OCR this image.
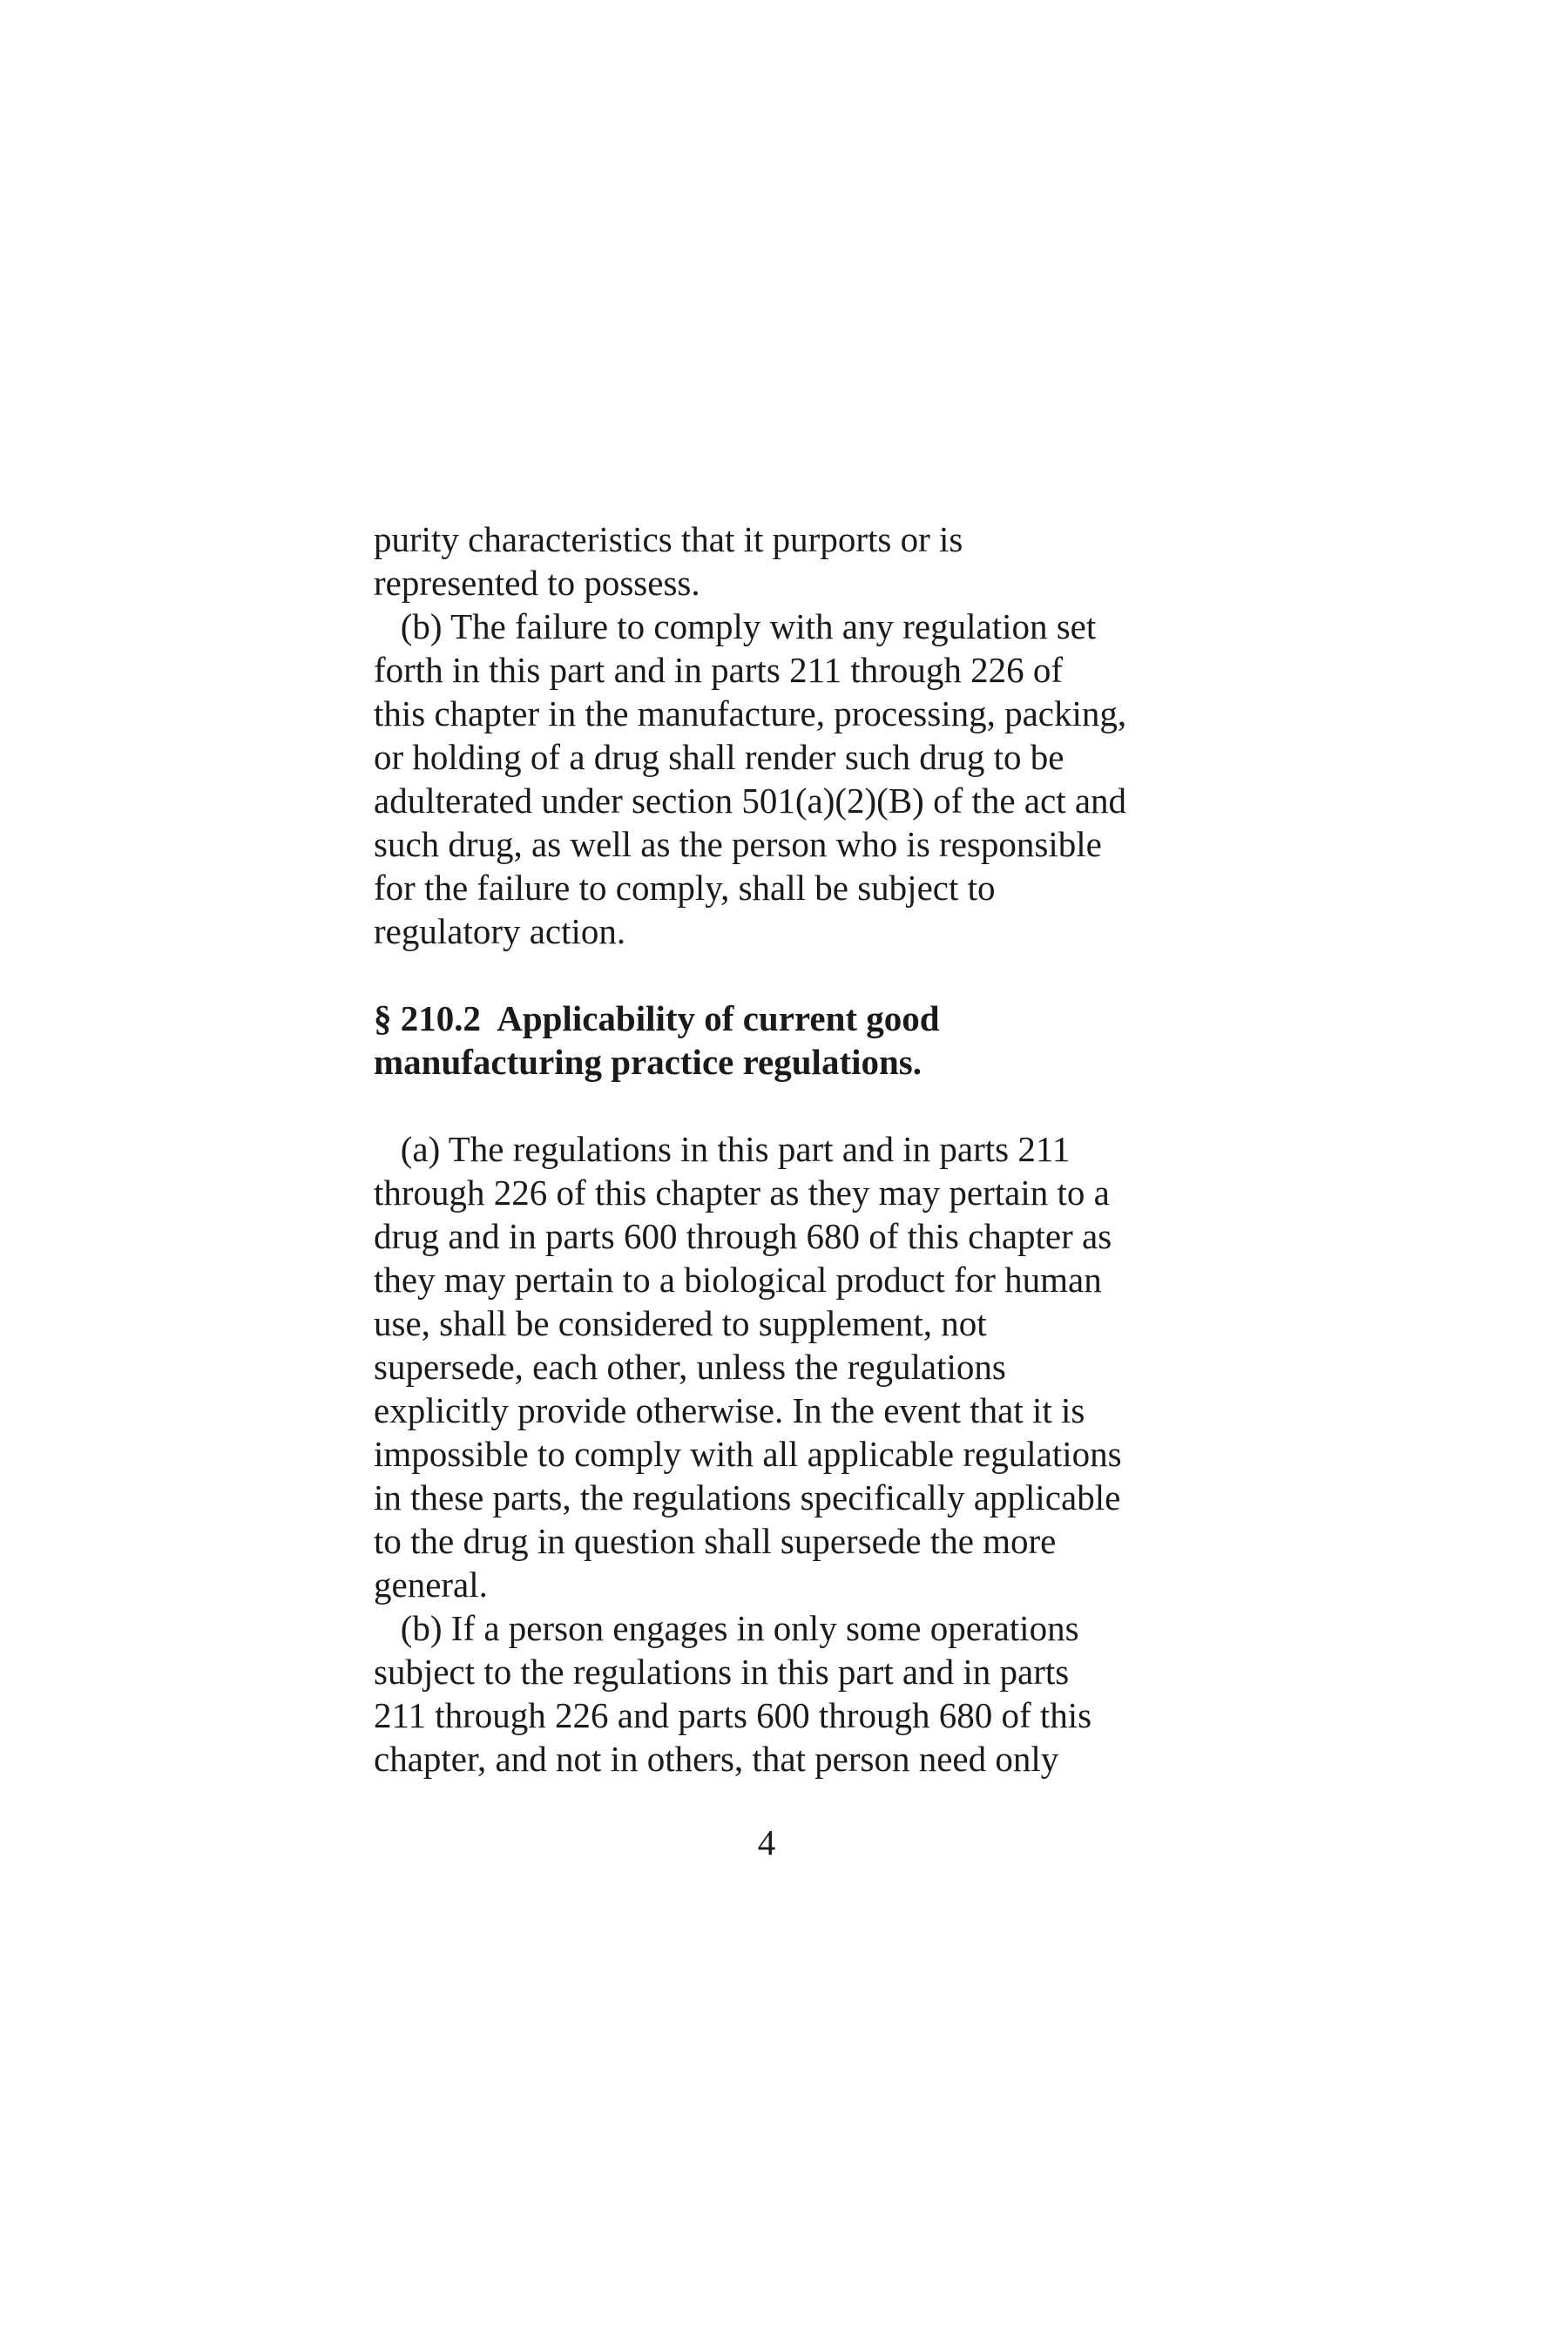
purity characteristics that it purports or is
represented to possess.
(b) The failure to comply with any regulation set
forth in this part and in parts 211 through 226 of
this chapter in the manufacture, processing, packing,
or holding of a drug shall render such drug to be
adulterated under section 501(a)(2)(B) of the act and
such drug, as well as the person who is responsible
for the failure to comply, shall be subject to
regulatory action.
§ 210.2  Applicability of current good
manufacturing practice regulations.
(a) The regulations in this part and in parts 211
through 226 of this chapter as they may pertain to a
drug and in parts 600 through 680 of this chapter as
they may pertain to a biological product for human
use, shall be considered to supplement, not
supersede, each other, unless the regulations
explicitly provide otherwise. In the event that it is
impossible to comply with all applicable regulations
in these parts, the regulations specifically applicable
to the drug in question shall supersede the more
general.
(b) If a person engages in only some operations
subject to the regulations in this part and in parts
211 through 226 and parts 600 through 680 of this
chapter, and not in others, that person need only
4
